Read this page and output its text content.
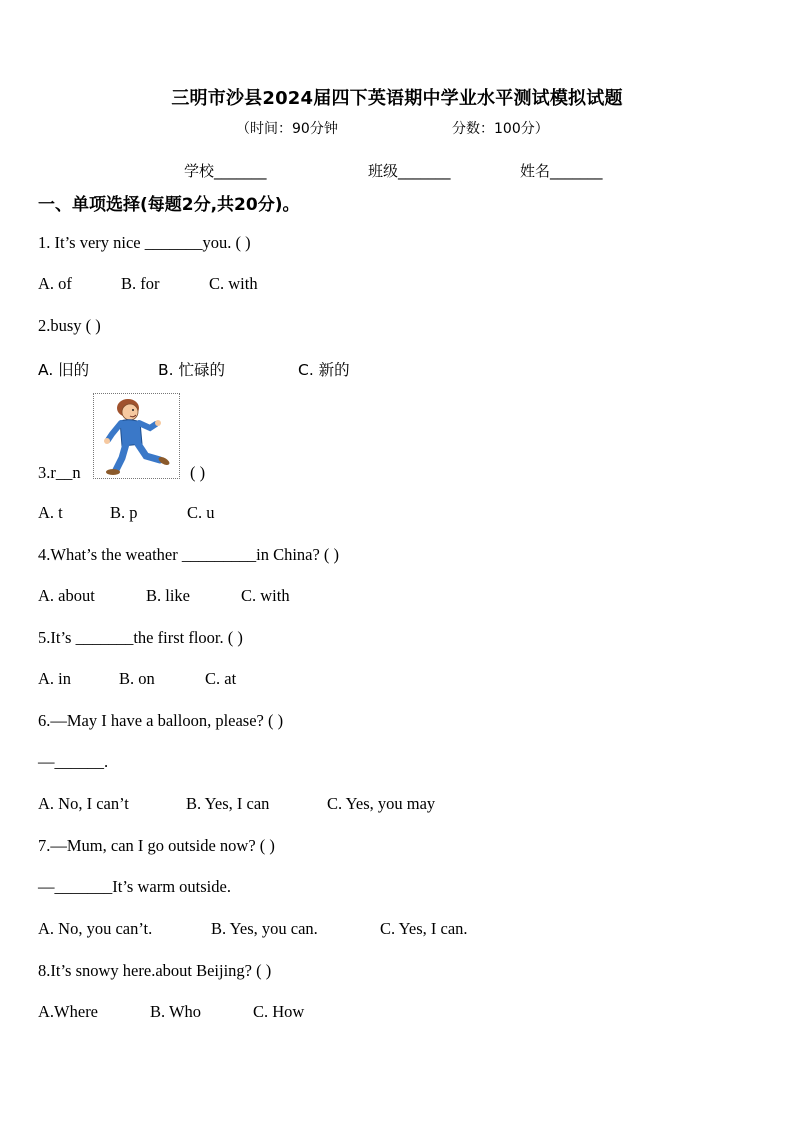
三明市沙县2024届四下英语期中学业水平测试模拟试题
（时间：90分钟	分数：100分）
学校_______	班级_______	姓名_______
一、单项选择(每题2分,共20分)。
1. It’s very nice _______you. ( )
A. of	B. for	C. with
2.busy ( )
A. 旧的	B. 忙碌的	C. 新的
3.r__n	( )
A. t	B. p	C. u
4.What’s the weather _________in China? ( )
A. about	B. like	C. with
5.It’s _______the first floor. ( )
A. in	B. on	C. at
6.—May I have a balloon, please? ( )
—______.
A. No, I can’t	B. Yes, I can	C. Yes, you may
7.—Mum, can I go outside now? ( )
—_______It’s warm outside.
A. No, you can’t.	B. Yes, you can.	C. Yes, I can.
8.It’s snowy here.about Beijing? ( )
A.Where	B. Who	C. How
